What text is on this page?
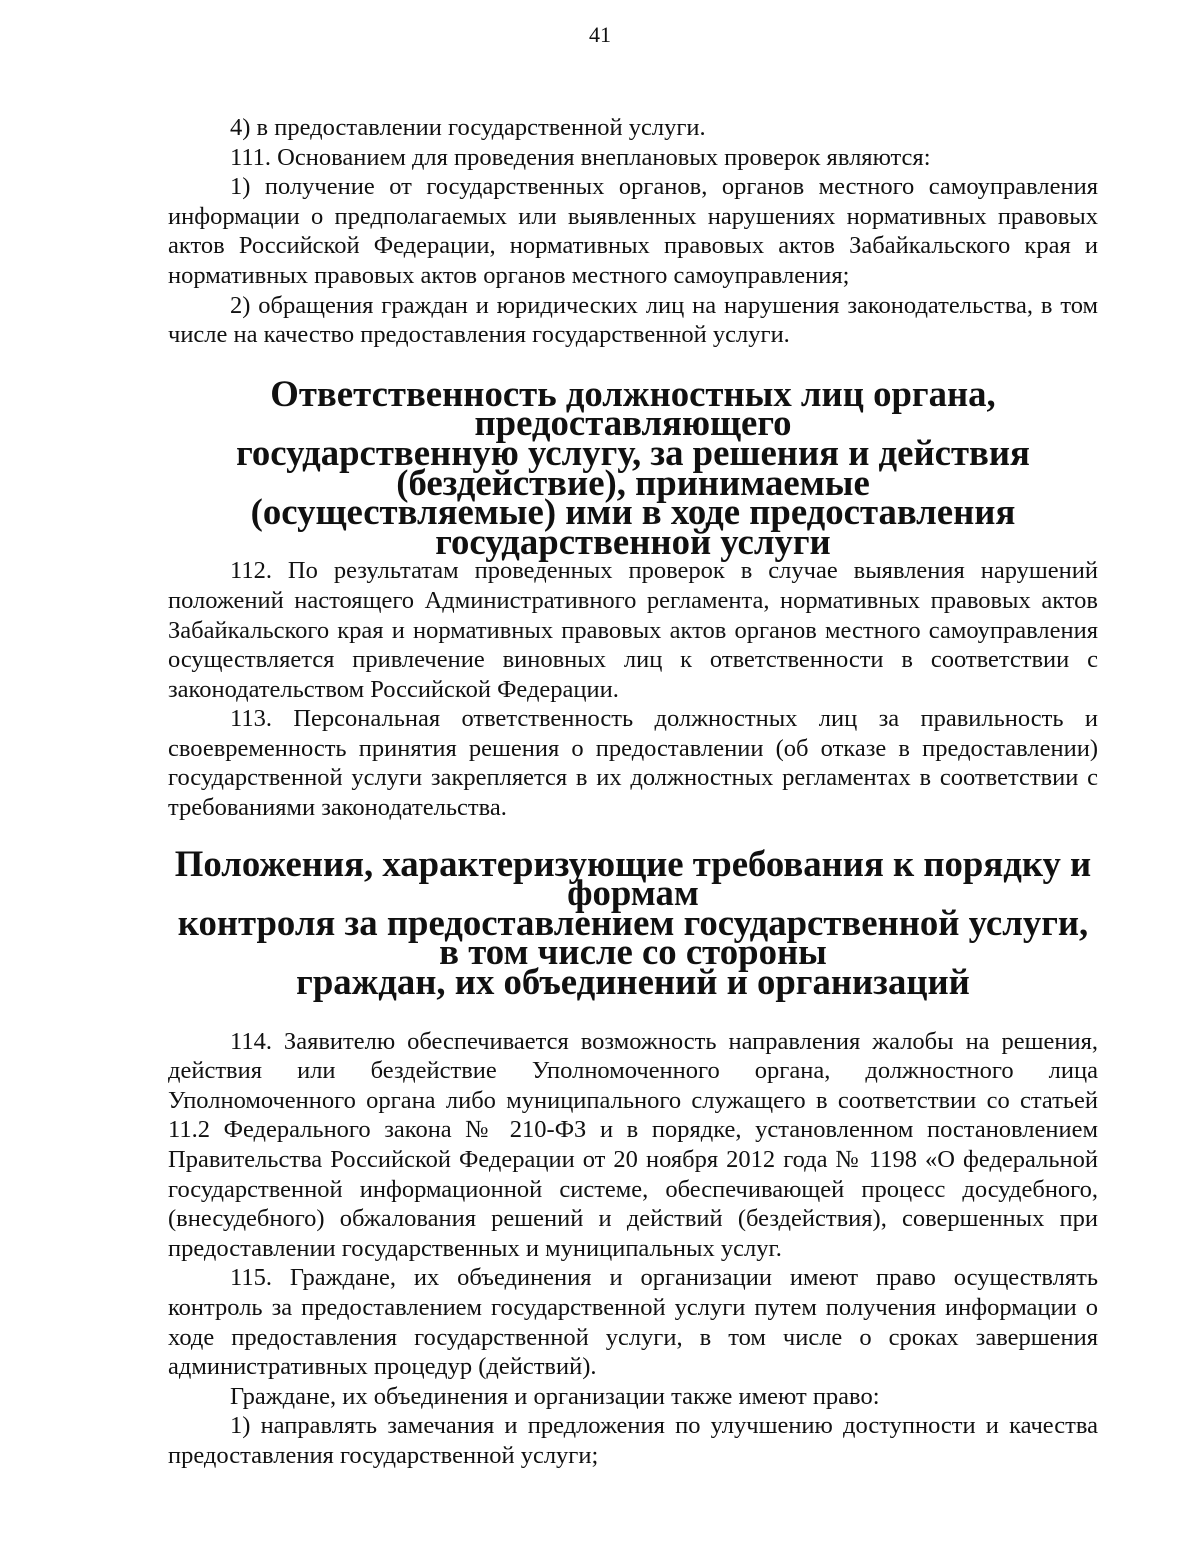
41

4) в предоставлении государственной услуги.

111. Основанием для проведения внеплановых проверок являются:

1) получение от государственных органов, органов местного самоуправления информации о предполагаемых или выявленных нарушениях нормативных правовых актов Российской Федерации, нормативных правовых актов Забайкальского края и нормативных правовых актов органов местного самоуправления;

2) обращения граждан и юридических лиц на нарушения законодательства, в том числе на качество предоставления государственной услуги.

Ответственность должностных лиц органа, предоставляющего
государственную услугу, за решения и действия (бездействие), принимаемые
(осуществляемые) ими в ходе предоставления государственной услуги

112. По результатам проведенных проверок в случае выявления нарушений положений настоящего Административного регламента, нормативных правовых актов Забайкальского края и нормативных правовых актов органов местного самоуправления осуществляется привлечение виновных лиц к ответственности в соответствии с законодательством Российской Федерации.

113. Персональная ответственность должностных лиц за правильность и своевременность принятия решения о предоставлении (об отказе в предоставлении) государственной услуги закрепляется в их должностных регламентах в соответствии с требованиями законодательства.

Положения, характеризующие требования к порядку и формам
контроля за предоставлением государственной услуги, в том числе со стороны
граждан, их объединений и организаций

114. Заявителю обеспечивается возможность направления жалобы на решения, действия или бездействие Уполномоченного органа, должностного лица Уполномоченного органа либо муниципального служащего в соответствии со статьей 11.2 Федерального закона № 210-ФЗ и в порядке, установленном постановлением Правительства Российской Федерации от 20 ноября 2012 года № 1198 «О федеральной государственной информационной системе, обеспечивающей процесс досудебного, (внесудебного) обжалования решений и действий (бездействия), совершенных при предоставлении государственных и муниципальных услуг.

115. Граждане, их объединения и организации имеют право осуществлять контроль за предоставлением государственной услуги путем получения информации о ходе предоставления государственной услуги, в том числе о сроках завершения административных процедур (действий).

Граждане, их объединения и организации также имеют право:

1) направлять замечания и предложения по улучшению доступности и качества предоставления государственной услуги;
